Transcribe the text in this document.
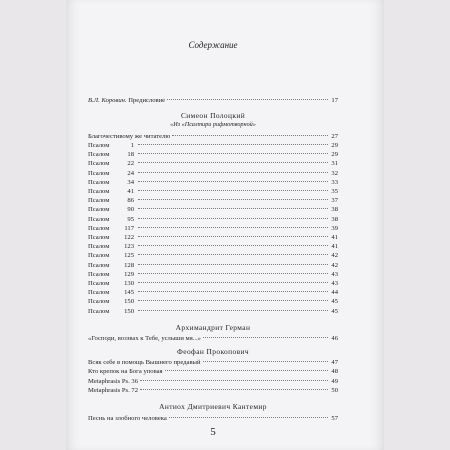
Содержание
В.Л. Коровин. Предисловие	17
Симеон Полоцкий
«Из «Псалтири рифмотворной»
Благочестивому же читателю	27
Псалом	1	29
Псалом	18	29
Псалом	22	31
Псалом	24	32
Псалом	34	33
Псалом	41	35
Псалом	86	37
Псалом	90	38
Псалом	95	38
Псалом	117	39
Псалом	122	41
Псалом	123	41
Псалом	125	42
Псалом	128	42
Псалом	129	43
Псалом	130	43
Псалом	145	44
Псалом	150	45
Псалом	150	45
Архимандрит Герман
«Господи, воззвах к Тебе, услыши мя...»	46
Феофан Прокопович
Всяк себе в помощь Вышнего предавый	47
Кто крепок на Бога уповая	48
Metaphrasis Ps. 36	49
Metaphrasis Ps. 72	50
Антиох Дмитриевич Кантемир
Песнь на злобного человека	57
5
